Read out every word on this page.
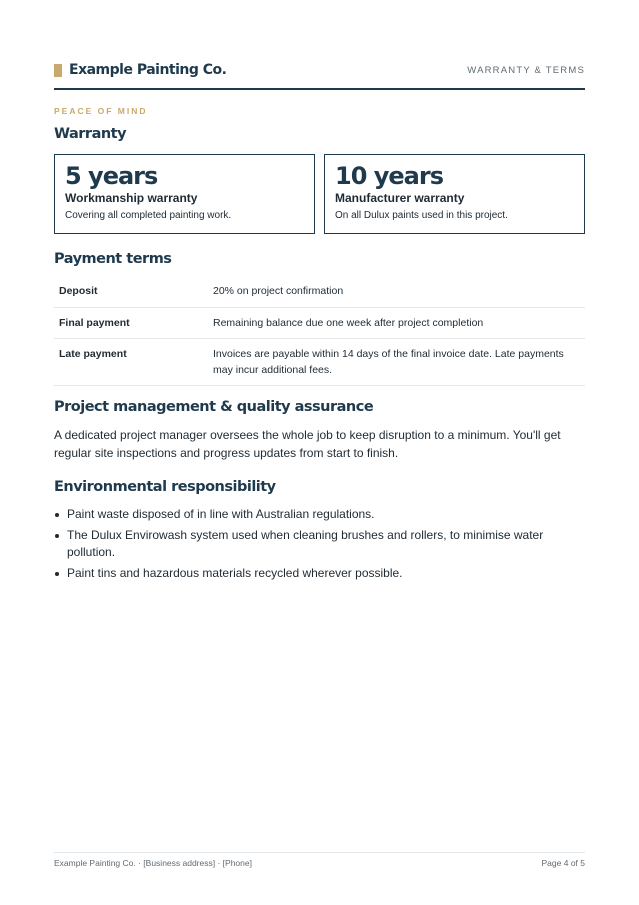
Example Painting Co.	WARRANTY & TERMS
PEACE OF MIND
Warranty
5 years
Workmanship warranty
Covering all completed painting work.
10 years
Manufacturer warranty
On all Dulux paints used in this project.
Payment terms
Deposit	20% on project confirmation
Final payment	Remaining balance due one week after project completion
Late payment	Invoices are payable within 14 days of the final invoice date. Late payments may incur additional fees.
Project management & quality assurance

A dedicated project manager oversees the whole job to keep disruption to a minimum. You'll get regular site inspections and progress updates from start to finish.

Environmental responsibility
Paint waste disposed of in line with Australian regulations.
The Dulux Envirowash system used when cleaning brushes and rollers, to minimise water pollution.
Paint tins and hazardous materials recycled wherever possible.
Example Painting Co. · [Business address] · [Phone]	Page 4 of 5
